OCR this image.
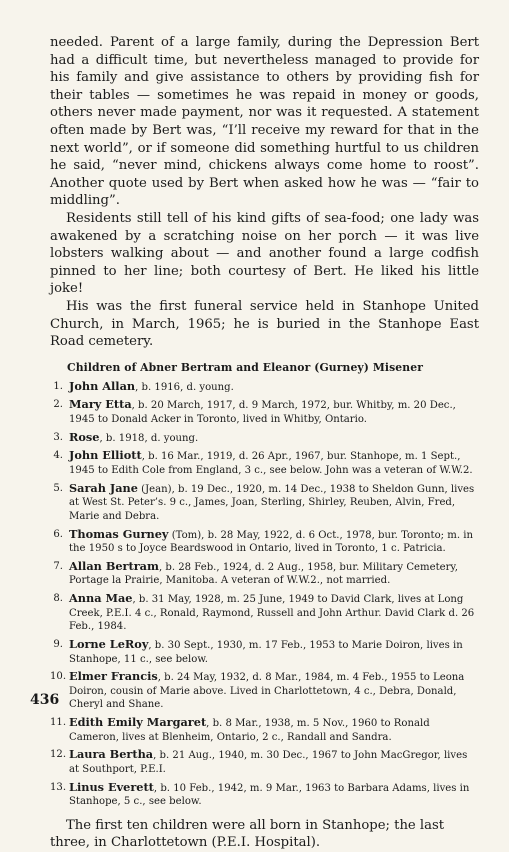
needed. Parent of a large family, during the Depression Bert had a difficult time, but nevertheless managed to provide for his family and give assistance to others by providing fish for their tables — sometimes he was repaid in money or goods, others never made payment, nor was it requested. A statement often made by Bert was, “I’ll receive my reward for that in the next world”, or if someone did something hurtful to us children he said, “never mind, chickens always come home to roost”. Another quote used by Bert when asked how he was — “fair to middling”.

Residents still tell of his kind gifts of sea-food; one lady was awakened by a scratching noise on her porch — it was live lobsters walking about — and another found a large codfish pinned to her line; both courtesy of Bert. He liked his little joke!

His was the first funeral service held in Stanhope United Church, in March, 1965; he is buried in the Stanhope East Road cemetery.

Children of Abner Bertram and Eleanor (Gurney) Misener
1. John Allan, b. 1916, d. young.
2. Mary Etta, b. 20 March, 1917, d. 9 March, 1972, bur. Whitby, m. 20 Dec., 1945 to Donald Acker in Toronto, lived in Whitby, Ontario.
3. Rose, b. 1918, d. young.
4. John Elliott, b. 16 Mar., 1919, d. 26 Apr., 1967, bur. Stanhope, m. 1 Sept., 1945 to Edith Cole from England, 3 c., see below. John was a veteran of W.W.2.
5. Sarah Jane (Jean), b. 19 Dec., 1920, m. 14 Dec., 1938 to Sheldon Gunn, lives at West St. Peter’s. 9 c., James, Joan, Sterling, Shirley, Reuben, Alvin, Fred, Marie and Debra.
6. Thomas Gurney (Tom), b. 28 May, 1922, d. 6 Oct., 1978, bur. Toronto; m. in the 1950 s to Joyce Beardswood in Ontario, lived in Toronto, 1 c. Patricia.
7. Allan Bertram, b. 28 Feb., 1924, d. 2 Aug., 1958, bur. Military Cemetery, Portage la Prairie, Manitoba. A veteran of W.W.2., not married.
8. Anna Mae, b. 31 May, 1928, m. 25 June, 1949 to David Clark, lives at Long Creek, P.E.I. 4 c., Ronald, Raymond, Russell and John Arthur. David Clark d. 26 Feb., 1984.
9. Lorne LeRoy, b. 30 Sept., 1930, m. 17 Feb., 1953 to Marie Doiron, lives in Stanhope, 11 c., see below.
10. Elmer Francis, b. 24 May, 1932, d. 8 Mar., 1984, m. 4 Feb., 1955 to Leona Doiron, cousin of Marie above. Lived in Charlottetown, 4 c., Debra, Donald, Cheryl and Shane.
11. Edith Emily Margaret, b. 8 Mar., 1938, m. 5 Nov., 1960 to Ronald Cameron, lives at Blenheim, Ontario, 2 c., Randall and Sandra.
12. Laura Bertha, b. 21 Aug., 1940, m. 30 Dec., 1967 to John MacGregor, lives at Southport, P.E.I.
13. Linus Everett, b. 10 Feb., 1942, m. 9 Mar., 1963 to Barbara Adams, lives in Stanhope, 5 c., see below.

The first ten children were all born in Stanhope; the last three, in Charlottetown (P.E.I. Hospital).

436
